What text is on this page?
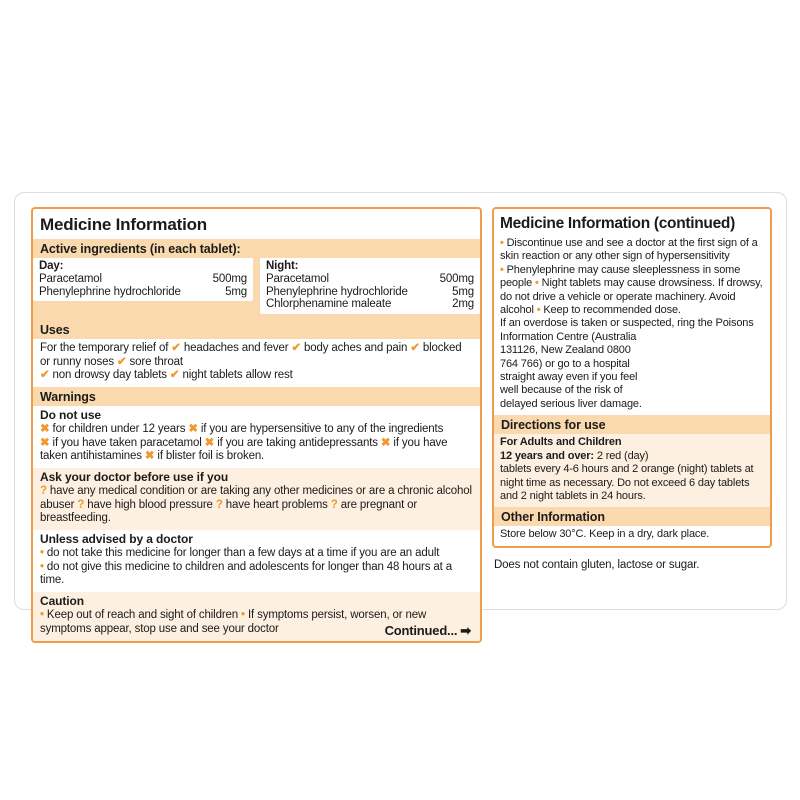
Medicine Information
Active ingredients (in each tablet):
Day:
Paracetamol	500mg
Phenylephrine hydrochloride	5mg
Night:
Paracetamol	500mg
Phenylephrine hydrochloride	5mg
Chlorphenamine maleate	2mg
Uses
For the temporary relief of ✔ headaches and fever ✔ body aches and pain ✔ blocked or runny noses ✔ sore throat
✔ non drowsy day tablets ✔ night tablets allow rest
Warnings
Do not use
✖ for children under 12 years ✖ if you are hypersensitive to any of the ingredients
✖ if you have taken paracetamol ✖ if you are taking antidepressants ✖ if you have taken antihistamines ✖ if blister foil is broken.
Ask your doctor before use if you
? have any medical condition or are taking any other medicines or are a chronic alcohol abuser ? have high blood pressure ? have heart problems ? are pregnant or breastfeeding.
Unless advised by a doctor
• do not take this medicine for longer than a few days at a time if you are an adult
• do not give this medicine to children and adolescents for longer than 48 hours at a time.
Caution
• Keep out of reach and sight of children • If symptoms persist, worsen, or new symptoms appear, stop use and see your doctor	Continued... ➡
Medicine Information (continued)
• Discontinue use and see a doctor at the first sign of a skin reaction or any other sign of hypersensitivity
• Phenylephrine may cause sleeplessness in some people • Night tablets may cause drowsiness. If drowsy, do not drive a vehicle or operate machinery. Avoid alcohol • Keep to recommended dose.
If an overdose is taken or suspected, ring the Poisons Information Centre (Australia
131126, New Zealand 0800
764 766) or go to a hospital
straight away even if you feel
well because of the risk of
delayed serious liver damage.
Directions for use
For Adults and Children
12 years and over: 2 red (day)
tablets every 4-6 hours and 2 orange (night) tablets at night time as necessary. Do not exceed 6 day tablets and 2 night tablets in 24 hours.
Other Information
Store below 30°C. Keep in a dry, dark place.
Does not contain gluten, lactose or sugar.
